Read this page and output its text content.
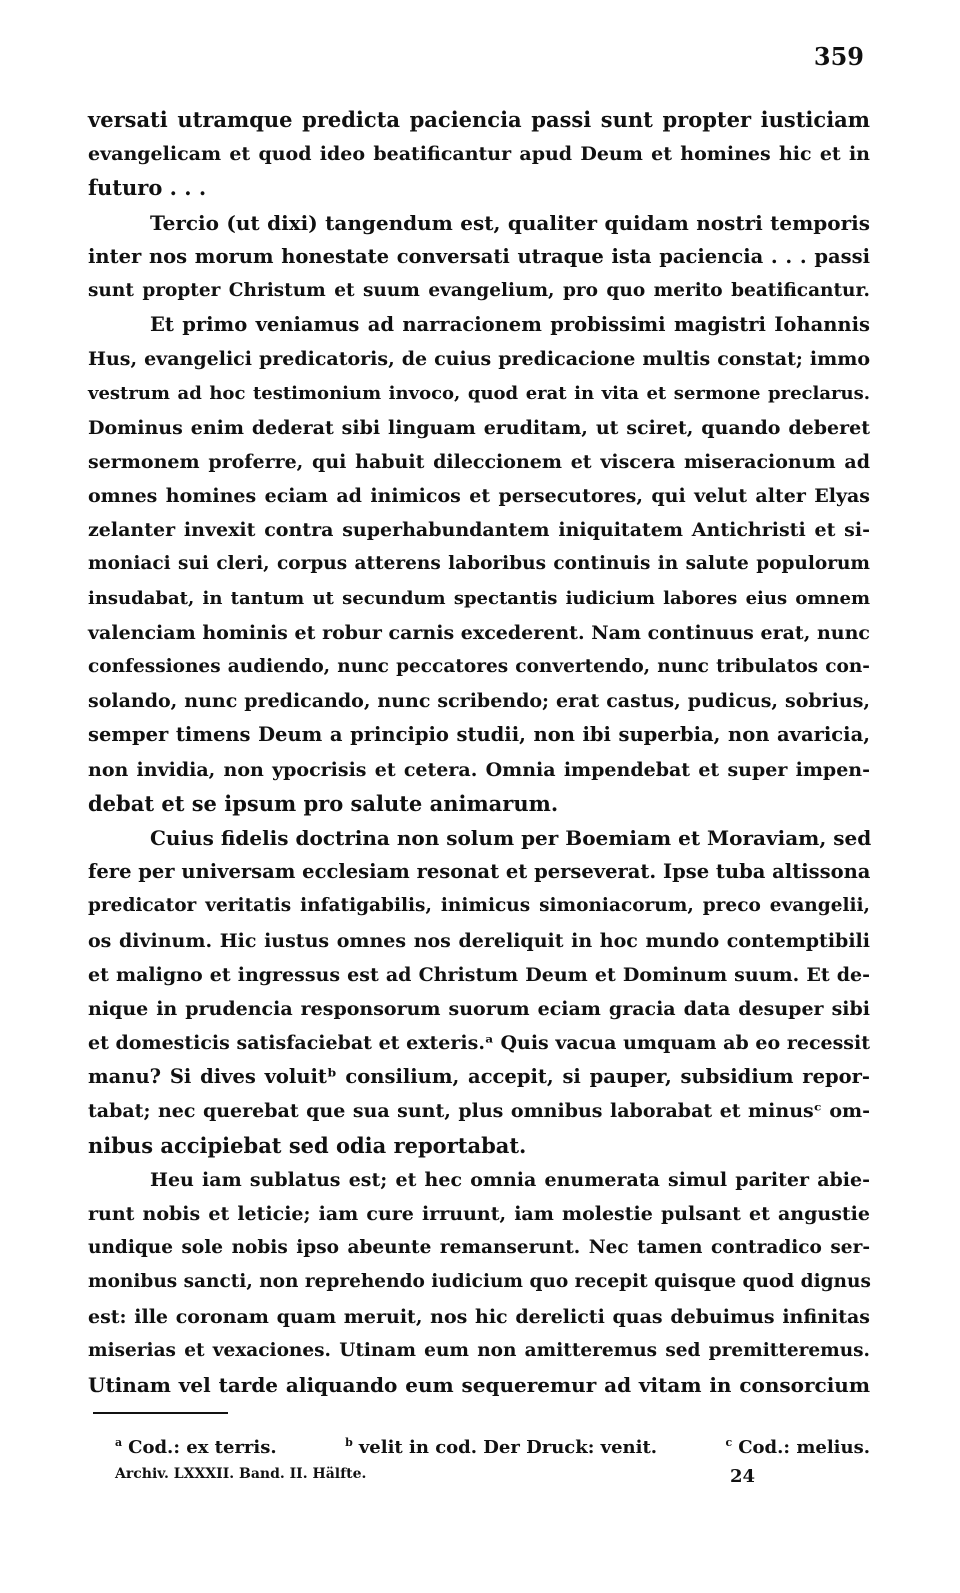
359
versati utramque predicta paciencia passi sunt propter iusticiam
evangelicam et quod ideo beatificantur apud Deum et homines hic et in
futuro . . .
Tercio (ut dixi) tangendum est, qualiter quidam nostri temporis
inter nos morum honestate conversati utraque ista paciencia . . . passi
sunt propter Christum et suum evangelium, pro quo merito beatificantur.
Et primo veniamus ad narracionem probissimi magistri Iohannis
Hus, evangelici predicatoris, de cuius predicacione multis constat; immo
vestrum ad hoc testimonium invoco, quod erat in vita et sermone preclarus.
Dominus enim dederat sibi linguam eruditam, ut sciret, quando deberet
sermonem proferre, qui habuit dileccionem et viscera miseracionum ad
omnes homines eciam ad inimicos et persecutores, qui velut alter Elyas
zelanter invexit contra superhabundantem iniquitatem Antichristi et si-
moniaci sui cleri, corpus atterens laboribus continuis in salute populorum
insudabat, in tantum ut secundum spectantis iudicium labores eius omnem
valenciam hominis et robur carnis excederent. Nam continuus erat, nunc
confessiones audiendo, nunc peccatores convertendo, nunc tribulatos con-
solando, nunc predicando, nunc scribendo; erat castus, pudicus, sobrius,
semper timens Deum a principio studii, non ibi superbia, non avaricia,
non invidia, non ypocrisis et cetera. Omnia impendebat et super impen-
debat et se ipsum pro salute animarum.
Cuius fidelis doctrina non solum per Boemiam et Moraviam, sed
fere per universam ecclesiam resonat et perseverat. Ipse tuba altissona
predicator veritatis infatigabilis, inimicus simoniacorum, preco evangelii,
os divinum. Hic iustus omnes nos dereliquit in hoc mundo contemptibili
et maligno et ingressus est ad Christum Deum et Dominum suum. Et de-
nique in prudencia responsorum suorum eciam gracia data desuper sibi
et domesticis satisfaciebat et exteris.ᵃ Quis vacua umquam ab eo recessit
manu? Si dives voluitᵇ consilium, accepit, si pauper, subsidium repor-
tabat; nec querebat que sua sunt, plus omnibus laborabat et minusᶜ om-
nibus accipiebat sed odia reportabat.
Heu iam sublatus est; et hec omnia enumerata simul pariter abie-
runt nobis et leticie; iam cure irruunt, iam molestie pulsant et angustie
undique sole nobis ipso abeunte remanserunt. Nec tamen contradico ser-
monibus sancti, non reprehendo iudicium quo recepit quisque quod dignus
est: ille coronam quam meruit, nos hic derelicti quas debuimus infinitas
miserias et vexaciones. Utinam eum non amitteremus sed premitteremus.
Utinam vel tarde aliquando eum sequeremur ad vitam in consorcium
$^a$ Cod.: ex terris.	$^b$ velit in cod. Der Druck: venit.	$^c$ Cod.: melius.
Archiv. LXXXII. Band. II. Hälfte.	24
